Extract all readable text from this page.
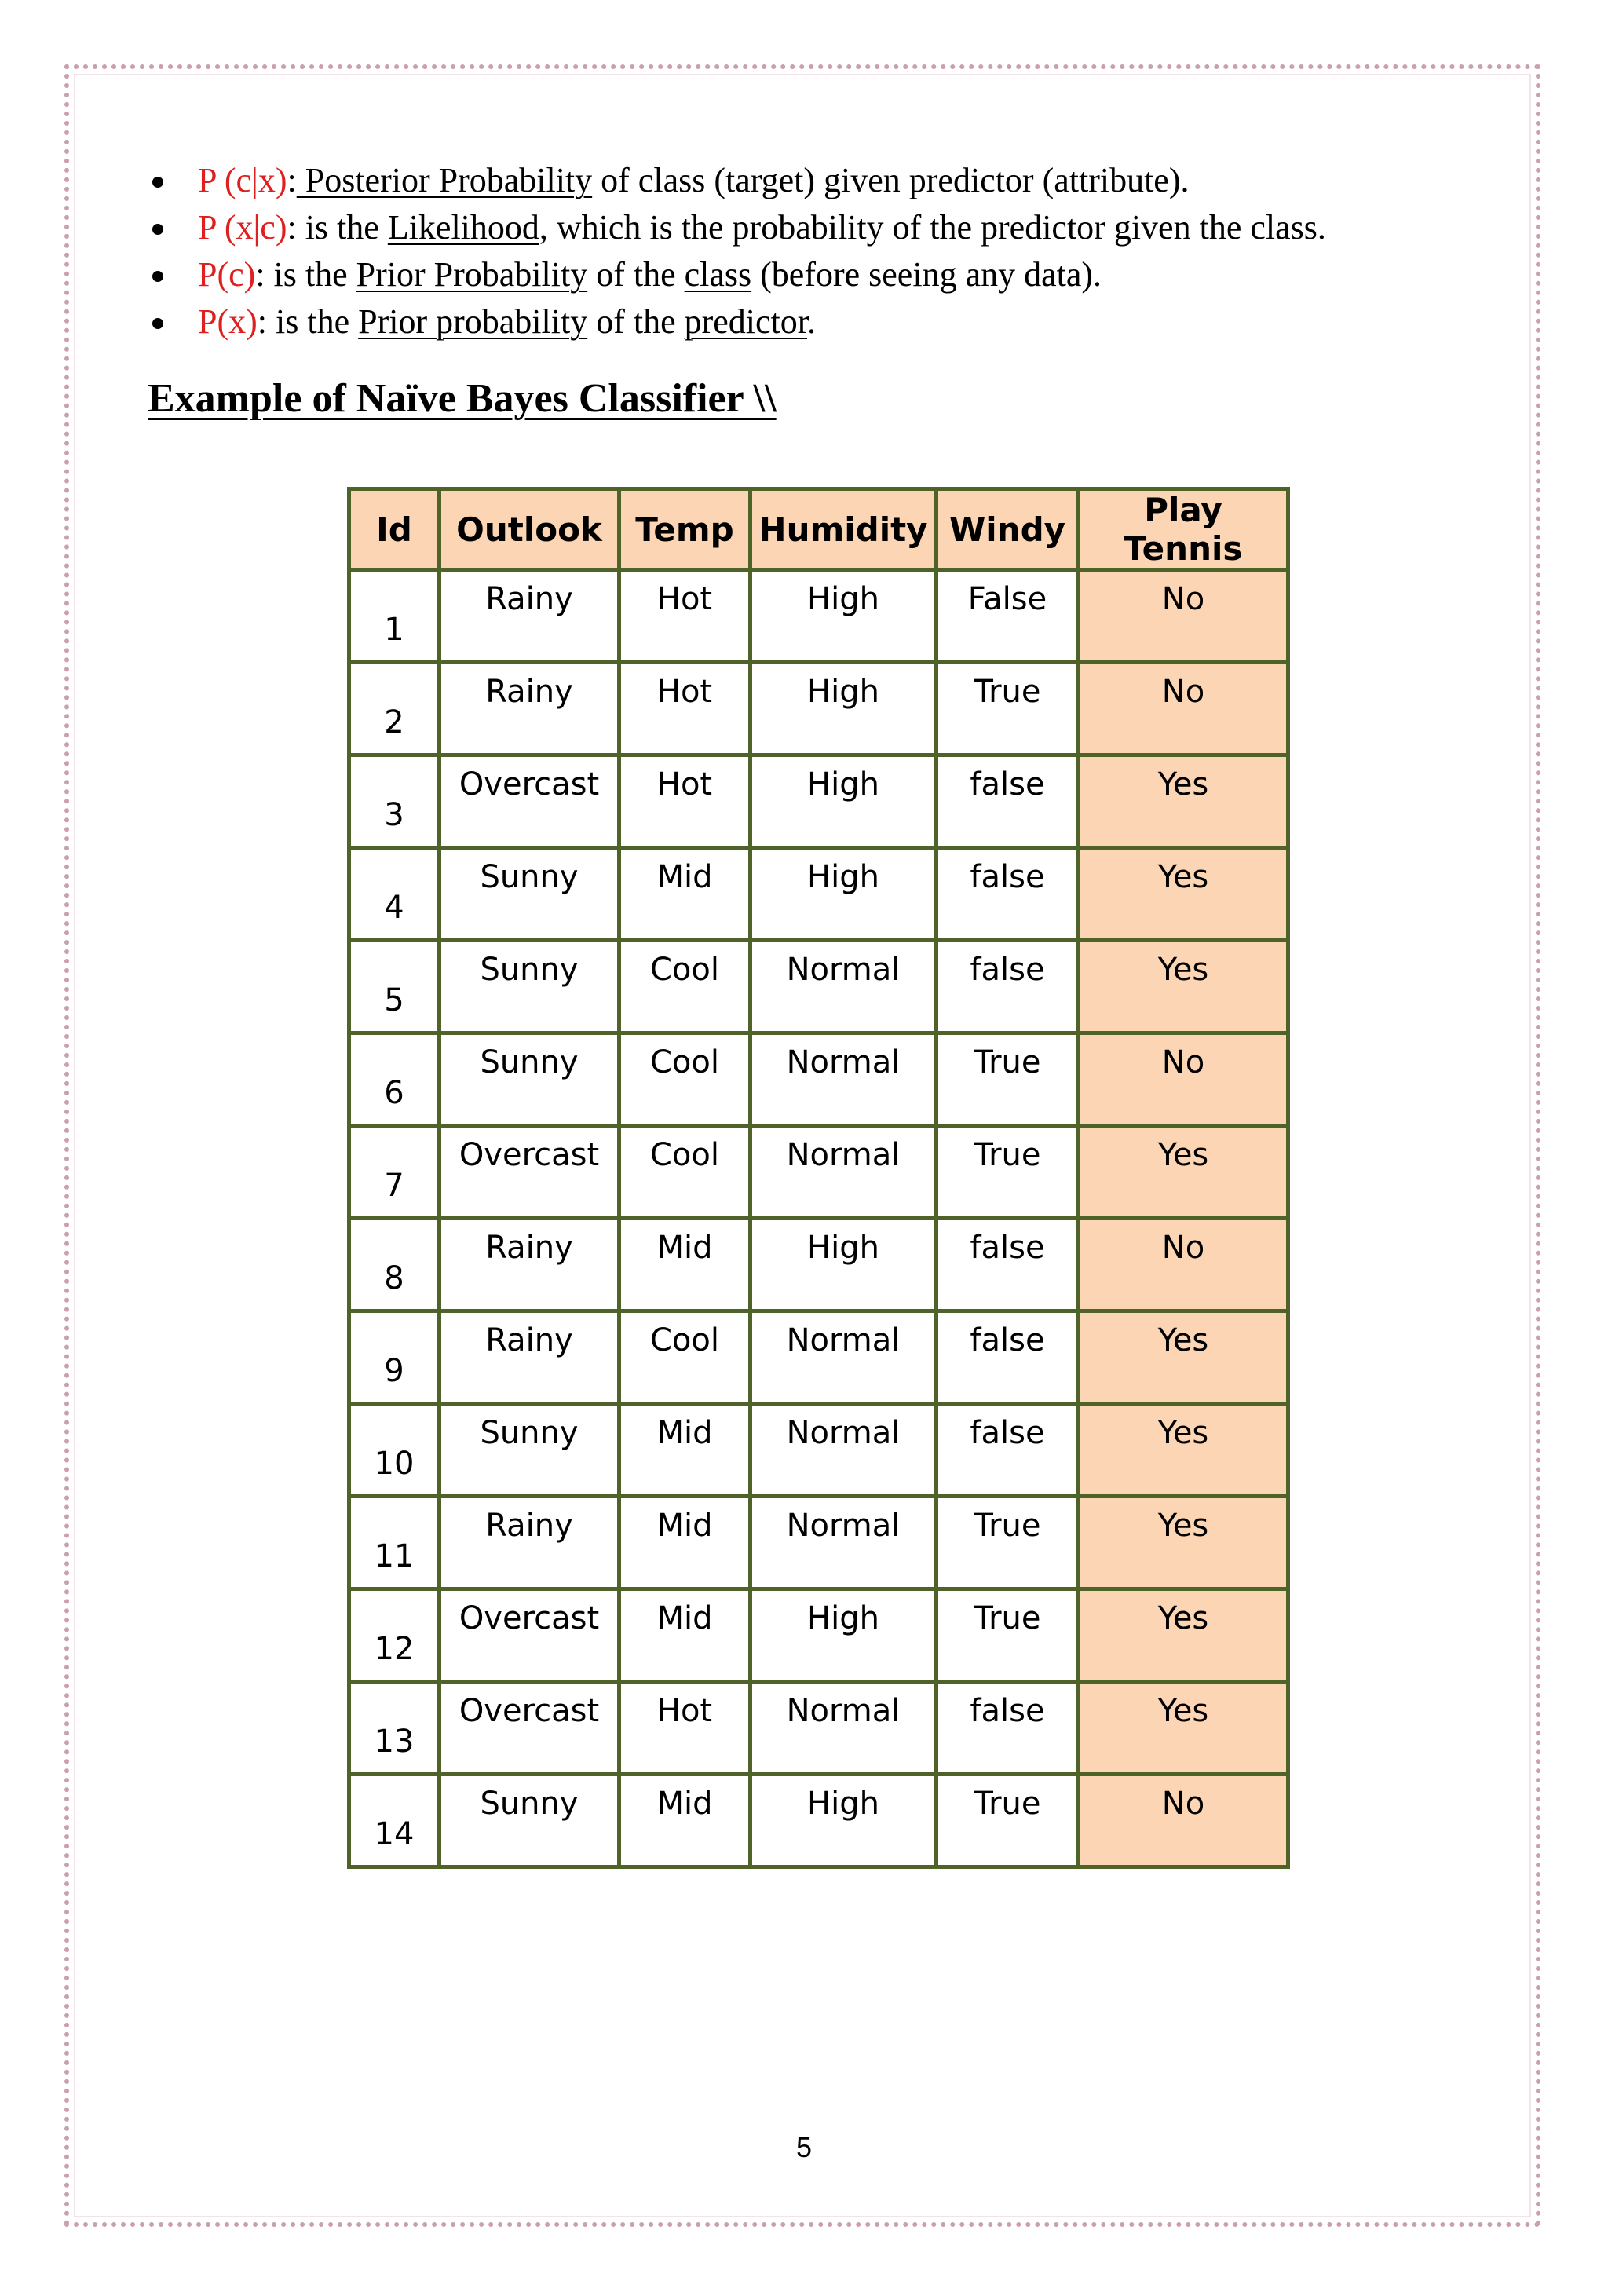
P (c|x): Posterior Probability of class (target) given predictor (attribute).
P (x|c): is the Likelihood, which is the probability of the predictor given the class.
P(c): is the Prior Probability of the class (before seeing any data).
P(x): is the Prior probability of the predictor.
Example of Naïve Bayes Classifier \\
Id	Outlook	Temp	Humidity	Windy	Play Tennis
1	Rainy	Hot	High	False	No
2	Rainy	Hot	High	True	No
3	Overcast	Hot	High	false	Yes
4	Sunny	Mid	High	false	Yes
5	Sunny	Cool	Normal	false	Yes
6	Sunny	Cool	Normal	True	No
7	Overcast	Cool	Normal	True	Yes
8	Rainy	Mid	High	false	No
9	Rainy	Cool	Normal	false	Yes
10	Sunny	Mid	Normal	false	Yes
11	Rainy	Mid	Normal	True	Yes
12	Overcast	Mid	High	True	Yes
13	Overcast	Hot	Normal	false	Yes
14	Sunny	Mid	High	True	No
5
